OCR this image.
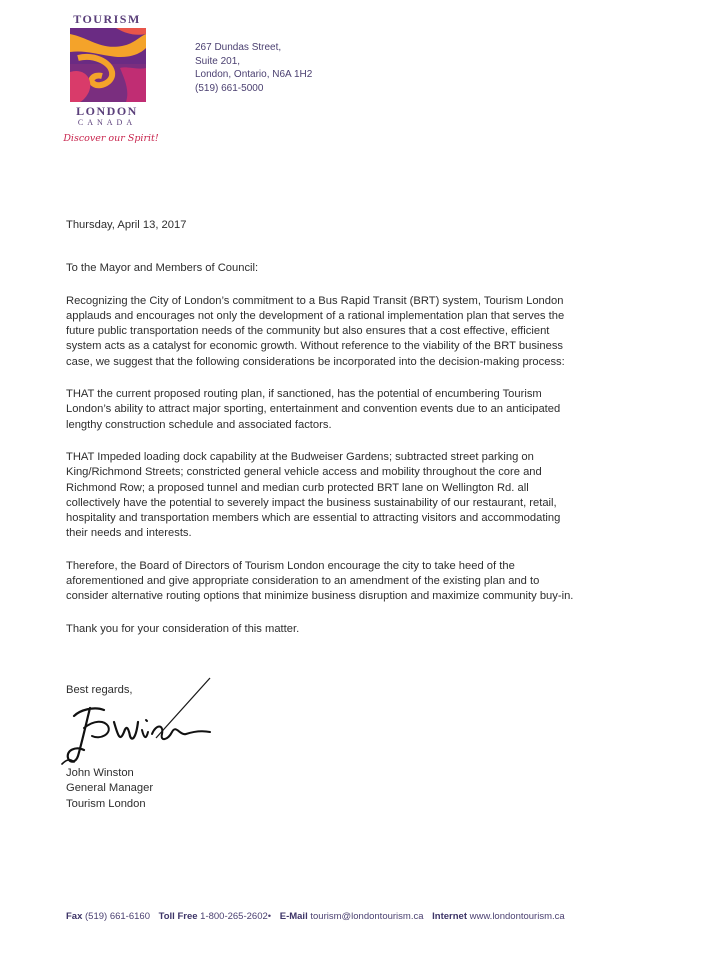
TOURISM
LONDON
CANADA
Discover our Spirit!
267 Dundas Street,
Suite 201,
London, Ontario, N6A 1H2
(519) 661-5000
Thursday, April 13, 2017
To the Mayor and Members of Council:
Recognizing the City of London’s commitment to a Bus Rapid Transit (BRT) system, Tourism London
applauds and encourages not only the development of a rational implementation plan that serves the
future public transportation needs of the community but also ensures that a cost effective, efficient
system acts as a catalyst for economic growth. Without reference to the viability of the BRT business
case, we suggest that the following considerations be incorporated into the decision-making process:
THAT the current proposed routing plan, if sanctioned, has the potential of encumbering Tourism
London’s ability to attract major sporting, entertainment and convention events due to an anticipated
lengthy construction schedule and associated factors.
THAT Impeded loading dock capability at the Budweiser Gardens; subtracted street parking on
King/Richmond Streets; constricted general vehicle access and mobility throughout the core and
Richmond Row; a proposed tunnel and median curb protected BRT lane on Wellington Rd. all
collectively have the potential to severely impact the business sustainability of our restaurant, retail,
hospitality and transportation members which are essential to attracting visitors and accommodating
their needs and interests.
Therefore, the Board of Directors of Tourism London encourage the city to take heed of the
aforementioned and give appropriate consideration to an amendment of the existing plan and to
consider alternative routing options that minimize business disruption and maximize community buy-in.
Thank you for your consideration of this matter.
Best regards,
John Winston
General Manager
Tourism London
Fax (519) 661-6160 Toll Free 1-800-265-2602• E-Mail tourism@londontourism.ca Internet www.londontourism.ca
